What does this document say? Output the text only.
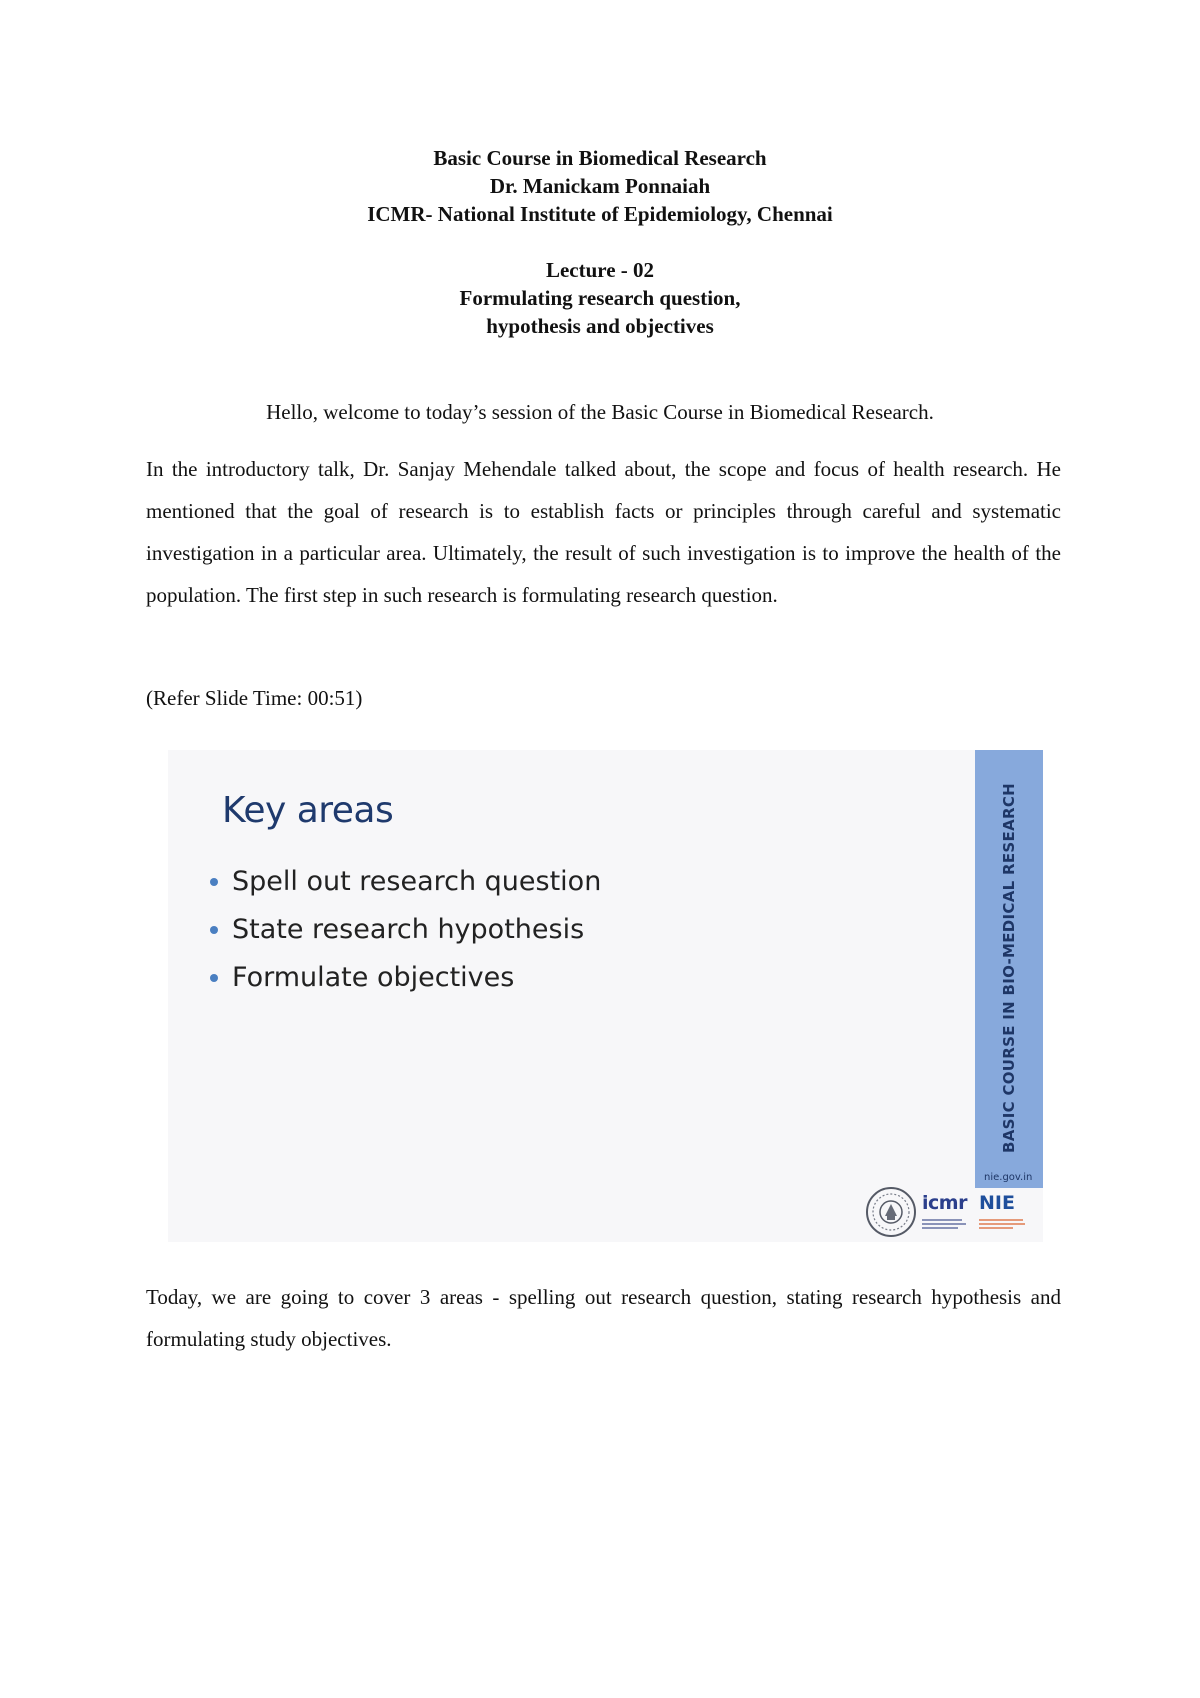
Basic Course in Biomedical Research
Dr. Manickam Ponnaiah
ICMR- National Institute of Epidemiology, Chennai
Lecture - 02
Formulating research question,
hypothesis and objectives
Hello, welcome to today’s session of the Basic Course in Biomedical Research.
In the introductory talk, Dr. Sanjay Mehendale talked about, the scope and focus of health research. He mentioned that the goal of research is to establish facts or principles through careful and systematic investigation in a particular area. Ultimately, the result of such investigation is to improve the health of the population. The first step in such research is formulating research question.
(Refer Slide Time: 00:51)
Key areas
Spell out research question
State research hypothesis
Formulate objectives	BASIC COURSE IN BIO-MEDICAL RESEARCH
nie.gov.in
icmr NIE
Today, we are going to cover 3 areas - spelling out research question, stating research hypothesis and formulating study objectives.
